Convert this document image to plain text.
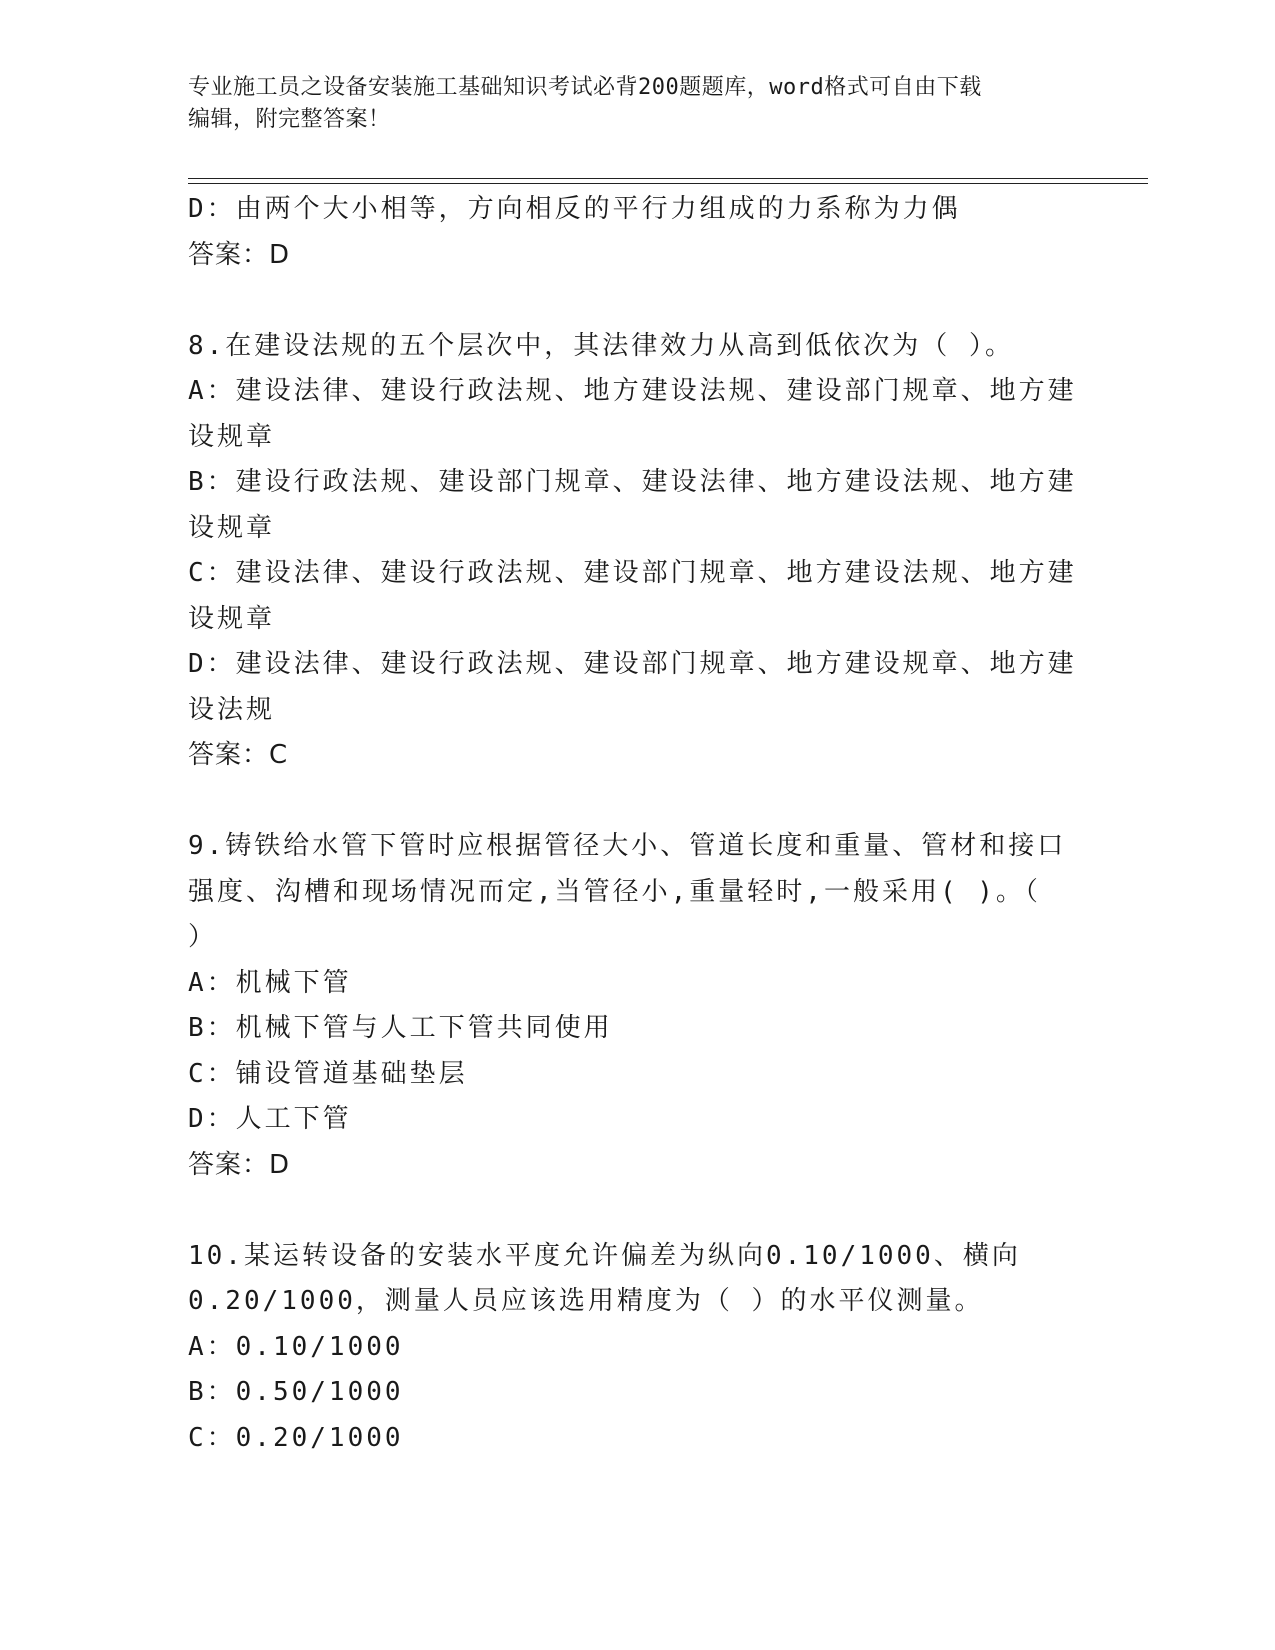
专业施工员之设备安装施工基础知识考试必背200题题库，word格式可自由下载
编辑，附完整答案！
D：由两个大小相等，方向相反的平行力组成的力系称为力偶
答案：D
8.在建设法规的五个层次中，其法律效力从高到低依次为（ ）。
A：建设法律、建设行政法规、地方建设法规、建设部门规章、地方建
设规章
B：建设行政法规、建设部门规章、建设法律、地方建设法规、地方建
设规章
C：建设法律、建设行政法规、建设部门规章、地方建设法规、地方建
设规章
D：建设法律、建设行政法规、建设部门规章、地方建设规章、地方建
设法规
答案：C
9.铸铁给水管下管时应根据管径大小、管道长度和重量、管材和接口
强度、沟槽和现场情况而定,当管径小,重量轻时,一般采用( )。（
）
A：机械下管
B：机械下管与人工下管共同使用
C：铺设管道基础垫层
D：人工下管
答案：D
10.某运转设备的安装水平度允许偏差为纵向0.10/1000、横向
0.20/1000，测量人员应该选用精度为（ ）的水平仪测量。
A：0.10/1000
B：0.50/1000
C：0.20/1000
